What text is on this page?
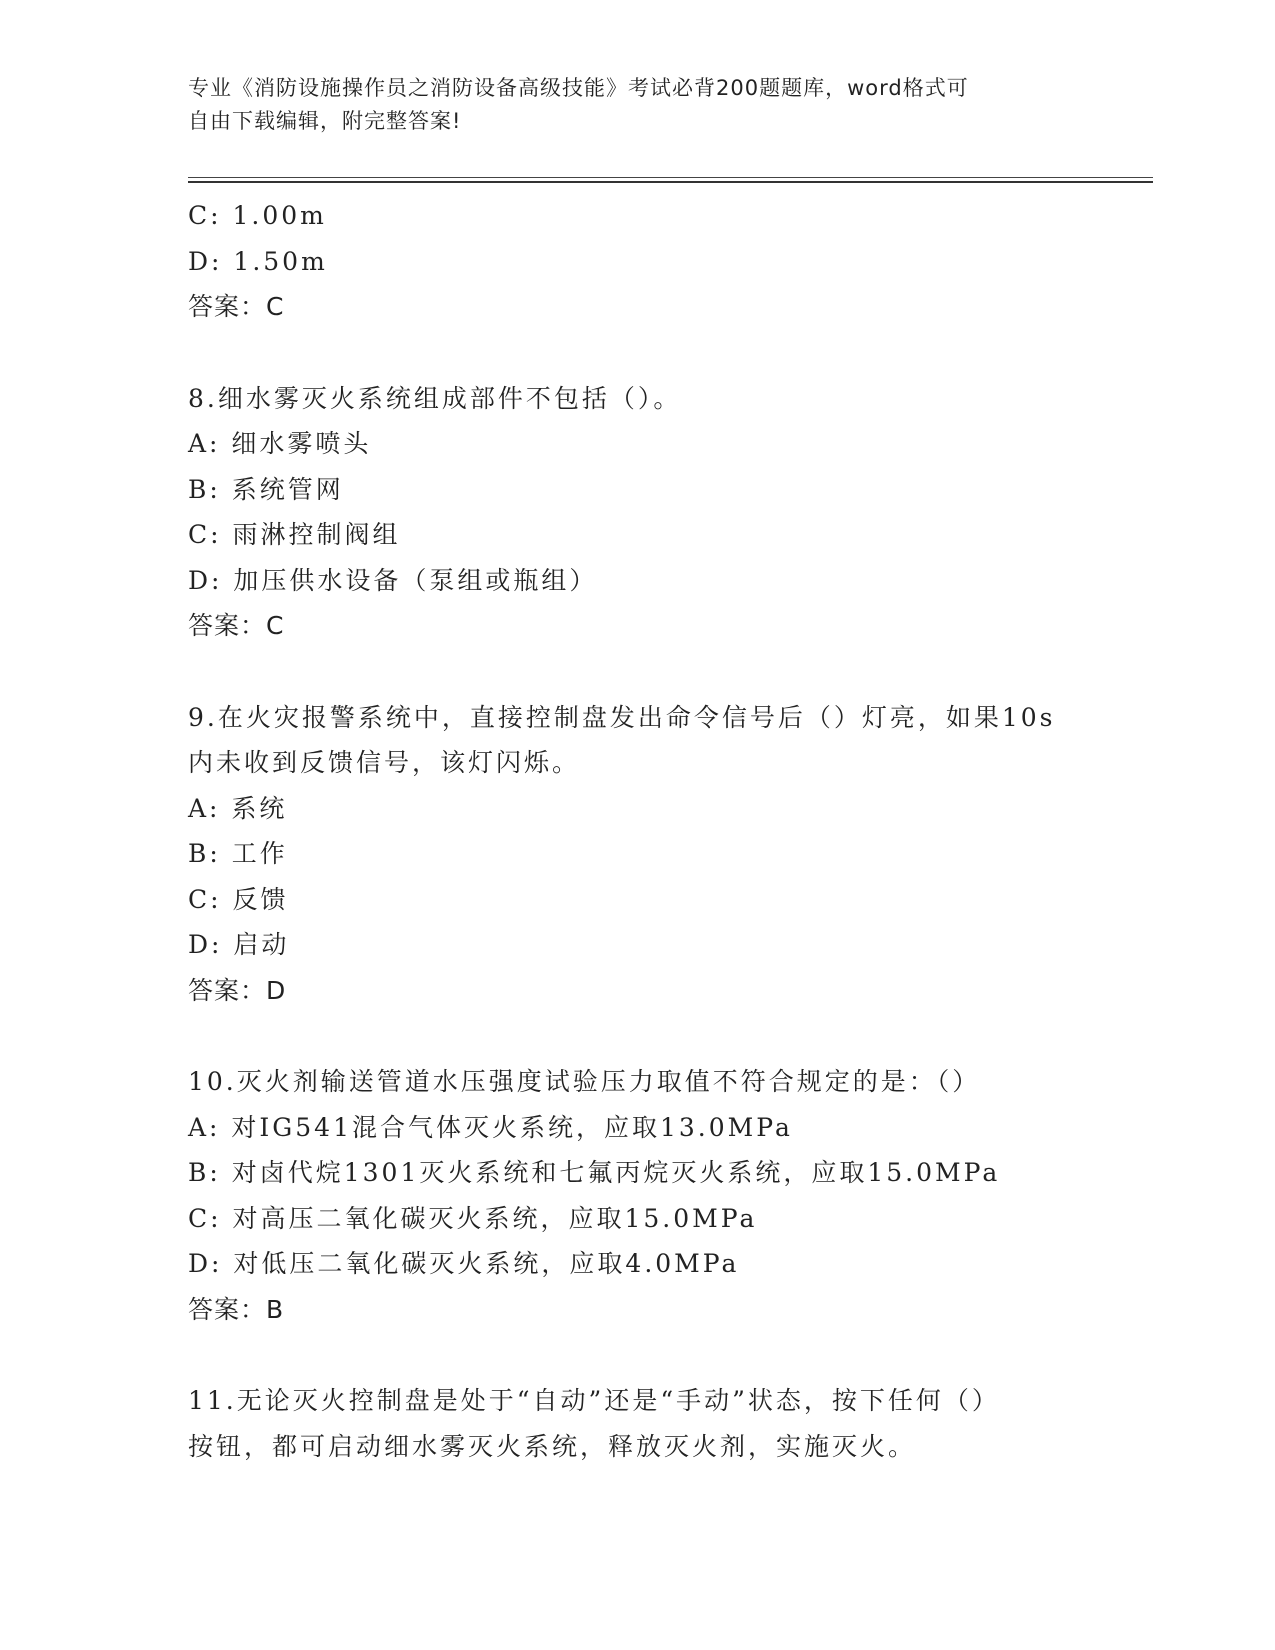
专业《消防设施操作员之消防设备高级技能》考试必背200题题库，word格式可
自由下载编辑，附完整答案!
C: 1.00m
D: 1.50m
答案：C
8.细水雾灭火系统组成部件不包括（）。
A: 细水雾喷头
B: 系统管网
C: 雨淋控制阀组
D: 加压供水设备（泵组或瓶组）
答案：C
9.在火灾报警系统中，直接控制盘发出命令信号后（）灯亮，如果10s
内未收到反馈信号，该灯闪烁。
A: 系统
B: 工作
C: 反馈
D: 启动
答案：D
10.灭火剂输送管道水压强度试验压力取值不符合规定的是：（）
A: 对IG541混合气体灭火系统，应取13.0MPa
B: 对卤代烷1301灭火系统和七氟丙烷灭火系统，应取15.0MPa
C: 对高压二氧化碳灭火系统，应取15.0MPa
D: 对低压二氧化碳灭火系统，应取4.0MPa
答案：B
11.无论灭火控制盘是处于“自动”还是“手动”状态，按下任何（）
按钮，都可启动细水雾灭火系统，释放灭火剂，实施灭火。
